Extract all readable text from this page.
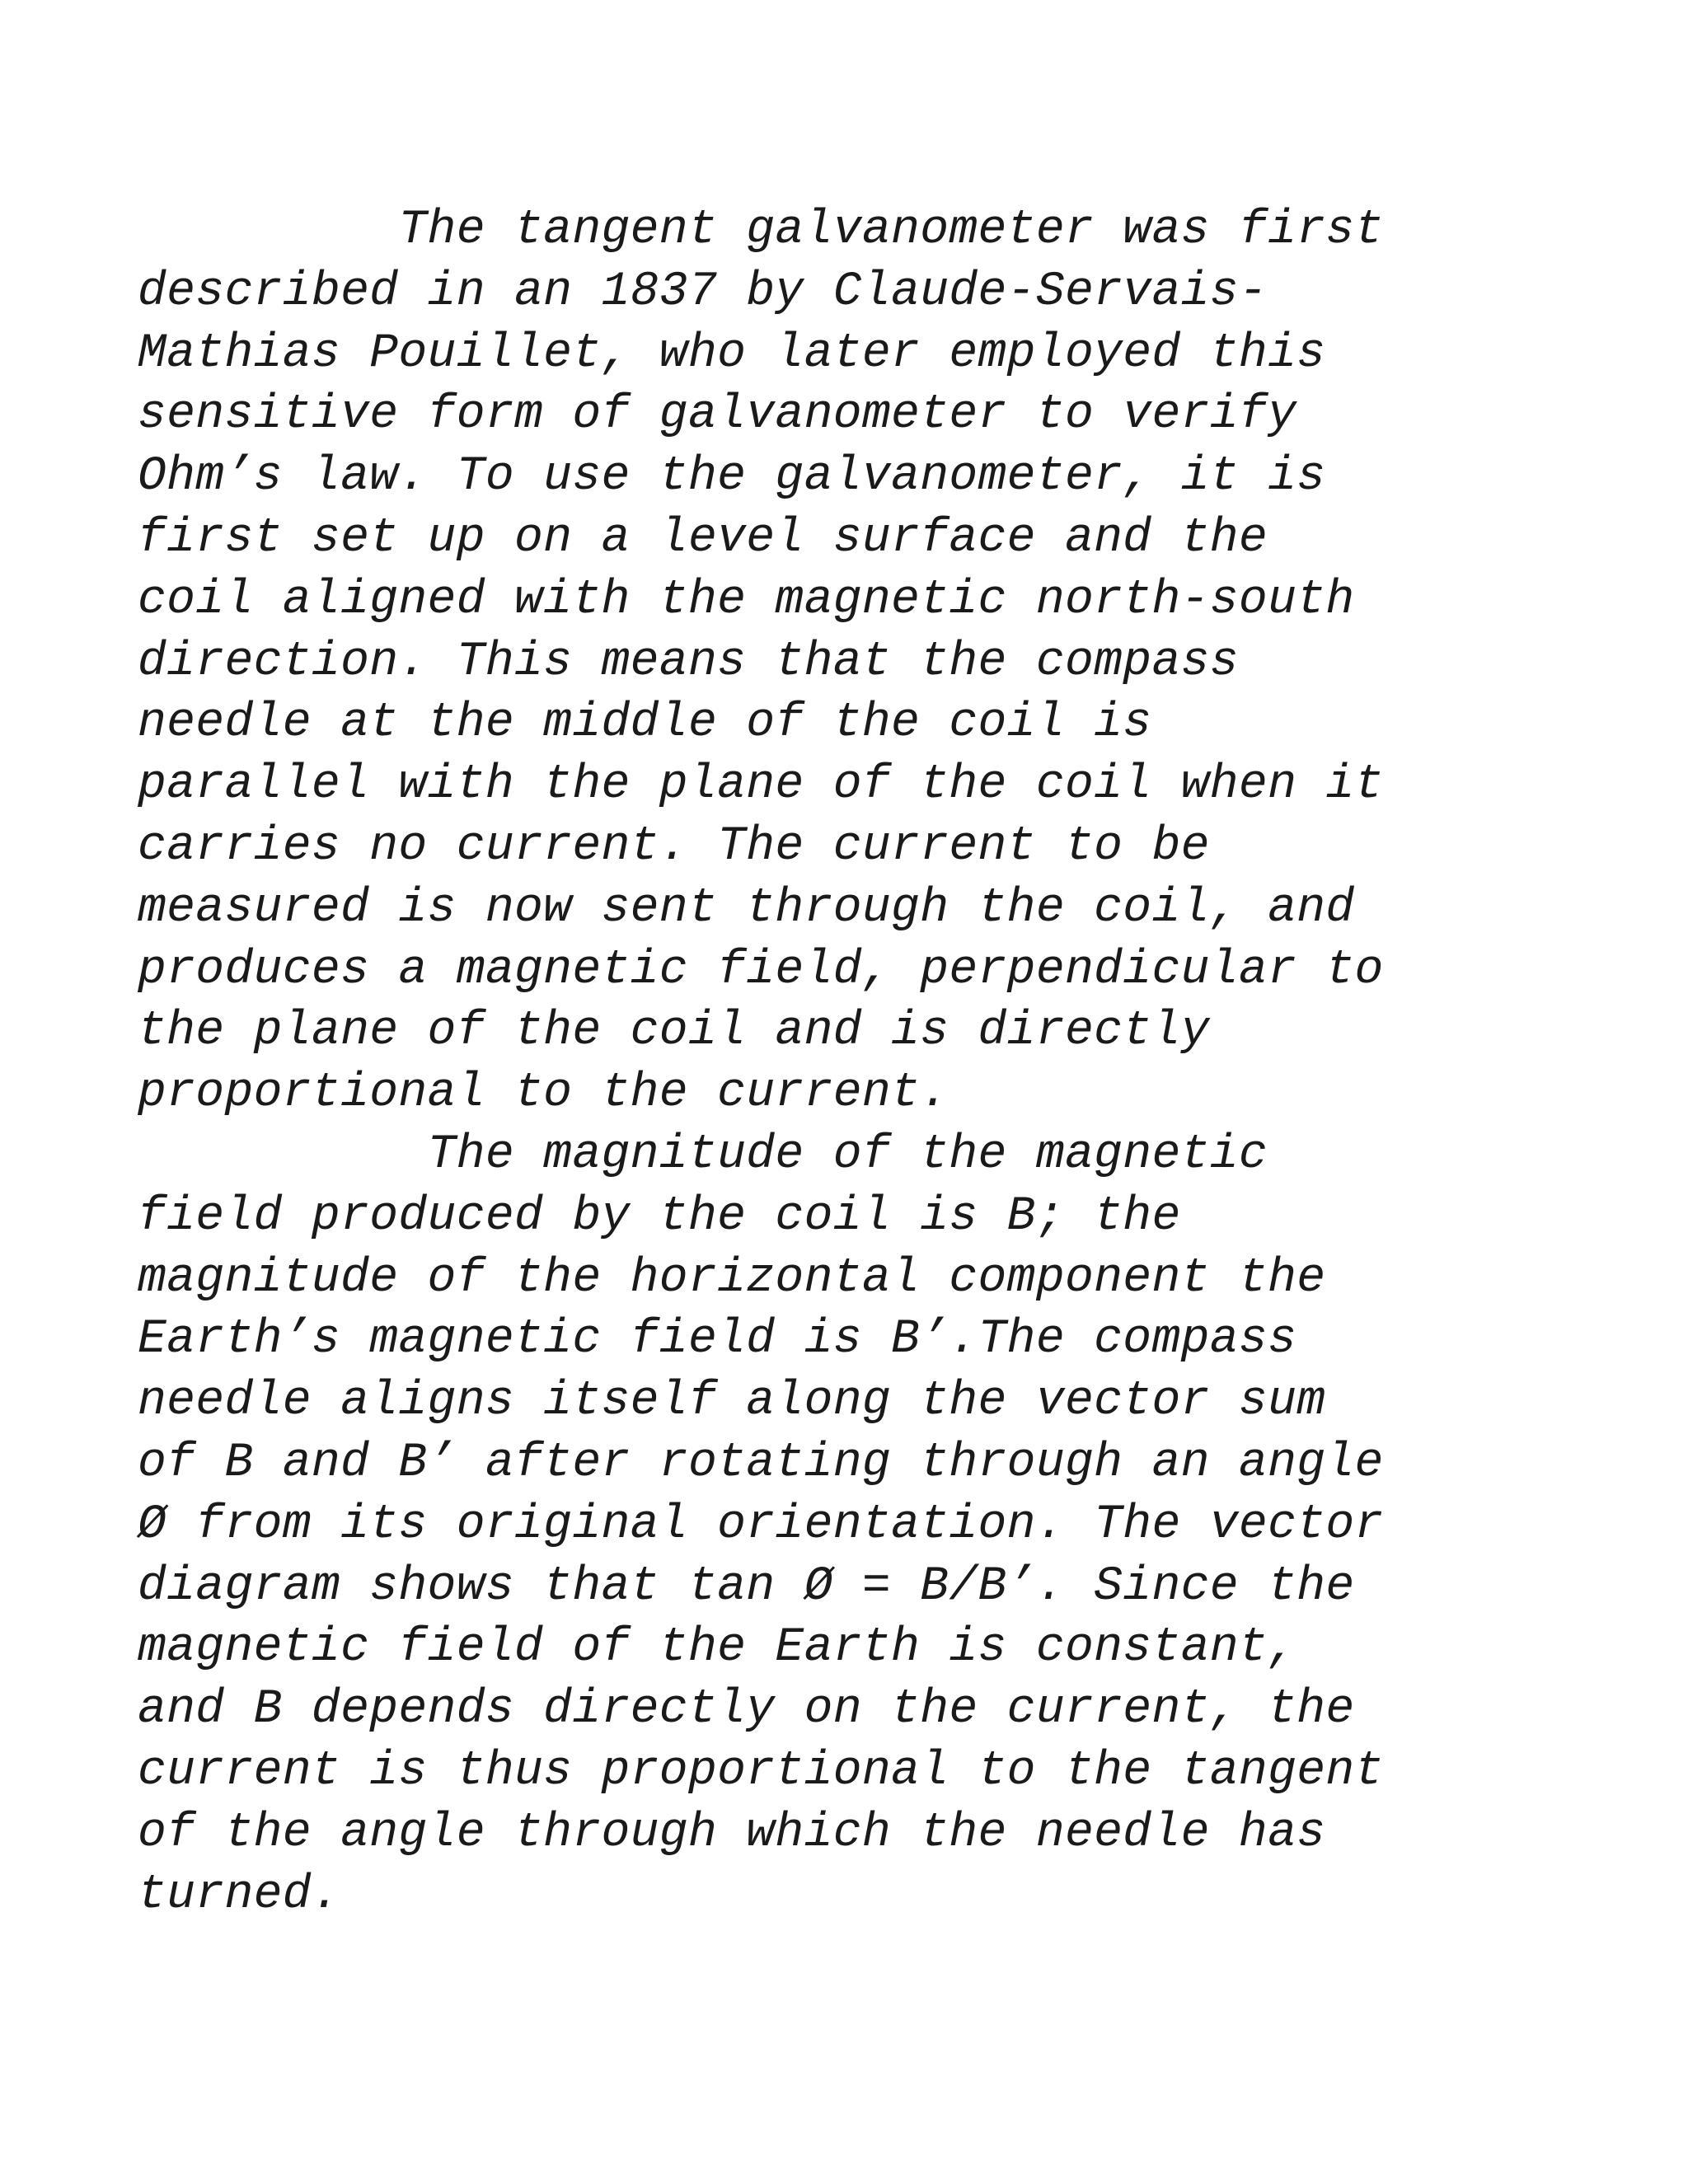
The tangent galvanometer was first
described in an 1837 by Claude-Servais-
Mathias Pouillet, who later employed this
sensitive form of galvanometer to verify
Ohm’s law. To use the galvanometer, it is
first set up on a level surface and the
coil aligned with the magnetic north-south
direction. This means that the compass
needle at the middle of the coil is
parallel with the plane of the coil when it
carries no current. The current to be
measured is now sent through the coil, and
produces a magnetic field, perpendicular to
the plane of the coil and is directly
proportional to the current.
The magnitude of the magnetic
field produced by the coil is B; the
magnitude of the horizontal component the
Earth’s magnetic field is B’.The compass
needle aligns itself along the vector sum
of B and B’ after rotating through an angle
Ø from its original orientation. The vector
diagram shows that tan Ø = B/B’. Since the
magnetic field of the Earth is constant,
and B depends directly on the current, the
current is thus proportional to the tangent
of the angle through which the needle has
turned.
